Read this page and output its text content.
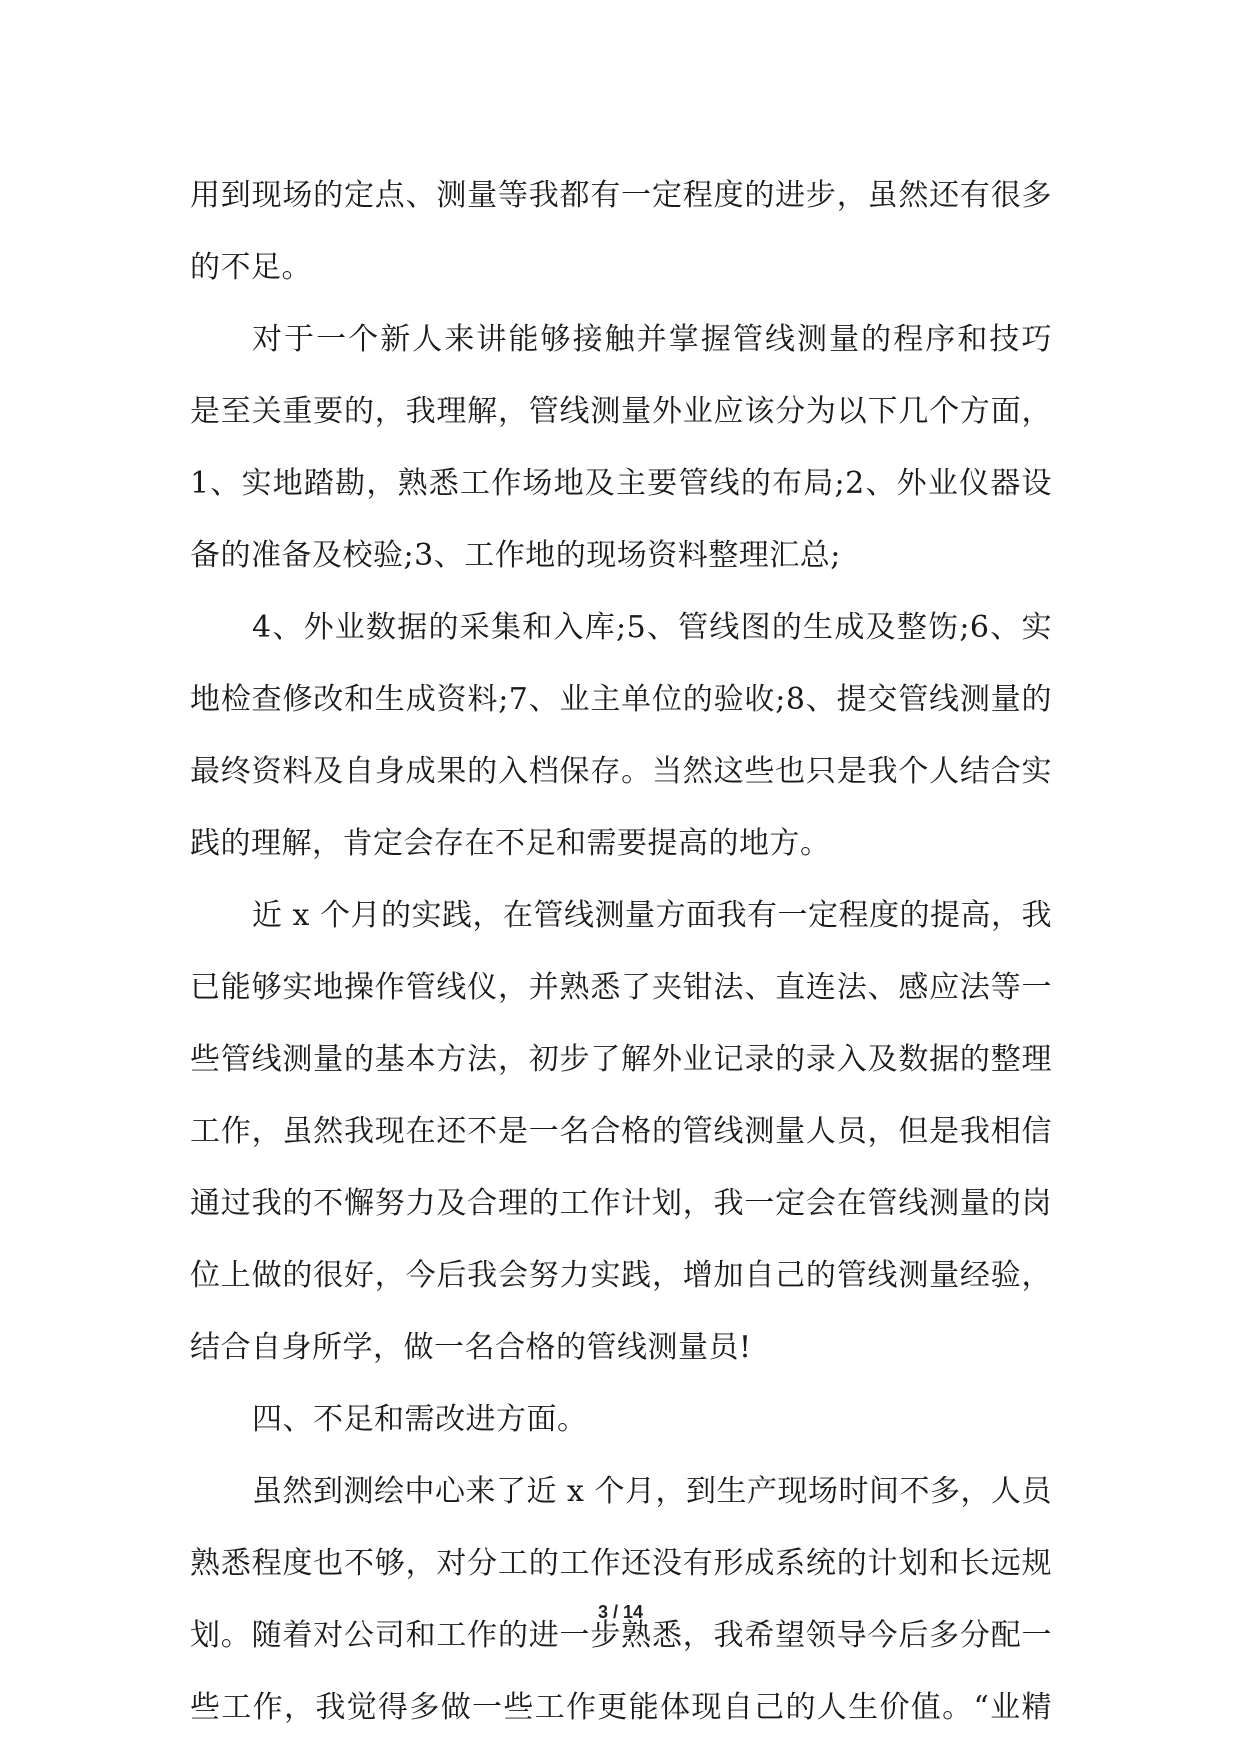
用到现场的定点、测量等我都有一定程度的进步，虽然还有很多
的不足。
对于一个新人来讲能够接触并掌握管线测量的程序和技巧
是至关重要的，我理解，管线测量外业应该分为以下几个方面，
1、实地踏勘，熟悉工作场地及主要管线的布局;2、外业仪器设
备的准备及校验;3、工作地的现场资料整理汇总;
4、外业数据的采集和入库;5、管线图的生成及整饬;6、实
地检查修改和生成资料;7、业主单位的验收;8、提交管线测量的
最终资料及自身成果的入档保存。当然这些也只是我个人结合实
践的理解，肯定会存在不足和需要提高的地方。
近 x 个月的实践，在管线测量方面我有一定程度的提高，我
已能够实地操作管线仪，并熟悉了夹钳法、直连法、感应法等一
些管线测量的基本方法，初步了解外业记录的录入及数据的整理
工作，虽然我现在还不是一名合格的管线测量人员，但是我相信
通过我的不懈努力及合理的工作计划，我一定会在管线测量的岗
位上做的很好，今后我会努力实践，增加自己的管线测量经验，
结合自身所学，做一名合格的管线测量员!
四、不足和需改进方面。
虽然到测绘中心来了近 x 个月，到生产现场时间不多，人员
熟悉程度也不够，对分工的工作还没有形成系统的计划和长远规
划。随着对公司和工作的进一步熟悉，我希望领导今后多分配一
些工作，我觉得多做一些工作更能体现自己的人生价值。“业精
3 / 14
